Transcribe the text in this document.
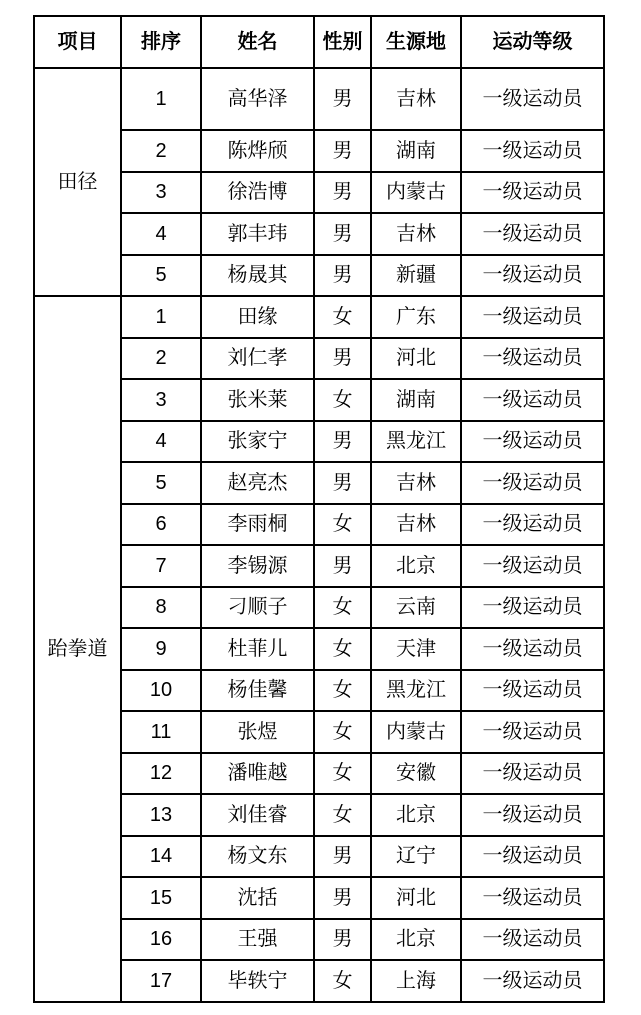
项目	排序	姓名	性别	生源地	运动等级
田径	1	高华泽	男	吉林	一级运动员
	2	陈烨颀	男	湖南	一级运动员
	3	徐浩博	男	内蒙古	一级运动员
	4	郭丰玮	男	吉林	一级运动员
	5	杨晟其	男	新疆	一级运动员
跆拳道	1	田缘	女	广东	一级运动员
	2	刘仁孝	男	河北	一级运动员
	3	张米莱	女	湖南	一级运动员
	4	张家宁	男	黑龙江	一级运动员
	5	赵亮杰	男	吉林	一级运动员
	6	李雨桐	女	吉林	一级运动员
	7	李锡源	男	北京	一级运动员
	8	刁顺子	女	云南	一级运动员
	9	杜菲儿	女	天津	一级运动员
	10	杨佳馨	女	黑龙江	一级运动员
	11	张煜	女	内蒙古	一级运动员
	12	潘唯越	女	安徽	一级运动员
	13	刘佳睿	女	北京	一级运动员
	14	杨文东	男	辽宁	一级运动员
	15	沈括	男	河北	一级运动员
	16	王强	男	北京	一级运动员
	17	毕轶宁	女	上海	一级运动员
